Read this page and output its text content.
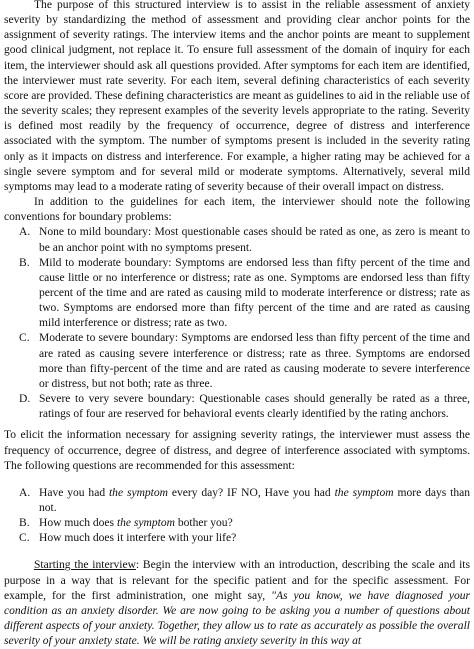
The purpose of this structured interview is to assist in the reliable assessment of anxiety severity by standardizing the method of assessment and providing clear anchor points for the assignment of severity ratings. The interview items and the anchor points are meant to supplement good clinical judgment, not replace it. To ensure full assessment of the domain of inquiry for each item, the interviewer should ask all questions provided. After symptoms for each item are identified, the interviewer must rate severity. For each item, several defining characteristics of each severity score are provided. These defining characteristics are meant as guidelines to aid in the reliable use of the severity scales; they represent examples of the severity levels appropriate to the rating. Severity is defined most readily by the frequency of occurrence, degree of distress and interference associated with the symptom. The number of symptoms present is included in the severity rating only as it impacts on distress and interference. For example, a higher rating may be achieved for a single severe symptom and for several mild or moderate symptoms. Alternatively, several mild symptoms may lead to a moderate rating of severity because of their overall impact on distress.

In addition to the guidelines for each item, the interviewer should note the following conventions for boundary problems:

A. None to mild boundary: Most questionable cases should be rated as one, as zero is meant to be an anchor point with no symptoms present.
B. Mild to moderate boundary: Symptoms are endorsed less than fifty percent of the time and cause little or no interference or distress; rate as one. Symptoms are endorsed less than fifty percent of the time and are rated as causing mild to moderate interference or distress; rate as two. Symptoms are endorsed more than fifty percent of the time and are rated as causing mild interference or distress; rate as two.
C. Moderate to severe boundary: Symptoms are endorsed less than fifty percent of the time and are rated as causing severe interference or distress; rate as three. Symptoms are endorsed more than fifty-percent of the time and are rated as causing moderate to severe interference or distress, but not both; rate as three.
D. Severe to very severe boundary: Questionable cases should generally be rated as a three, ratings of four are reserved for behavioral events clearly identified by the rating anchors.

To elicit the information necessary for assigning severity ratings, the interviewer must assess the frequency of occurrence, degree of distress, and degree of interference associated with symptoms. The following questions are recommended for this assessment:

A. Have you had the symptom every day? IF NO, Have you had the symptom more days than not.
B. How much does the symptom bother you?
C. How much does it interfere with your life?

Starting the interview: Begin the interview with an introduction, describing the scale and its purpose in a way that is relevant for the specific patient and for the specific assessment. For example, for the first administration, one might say, "As you know, we have diagnosed your condition as an anxiety disorder. We are now going to be asking you a number of questions about different aspects of your anxiety. Together, they allow us to rate as accurately as possible the overall severity of your anxiety state. We will be rating anxiety severity in this way at
